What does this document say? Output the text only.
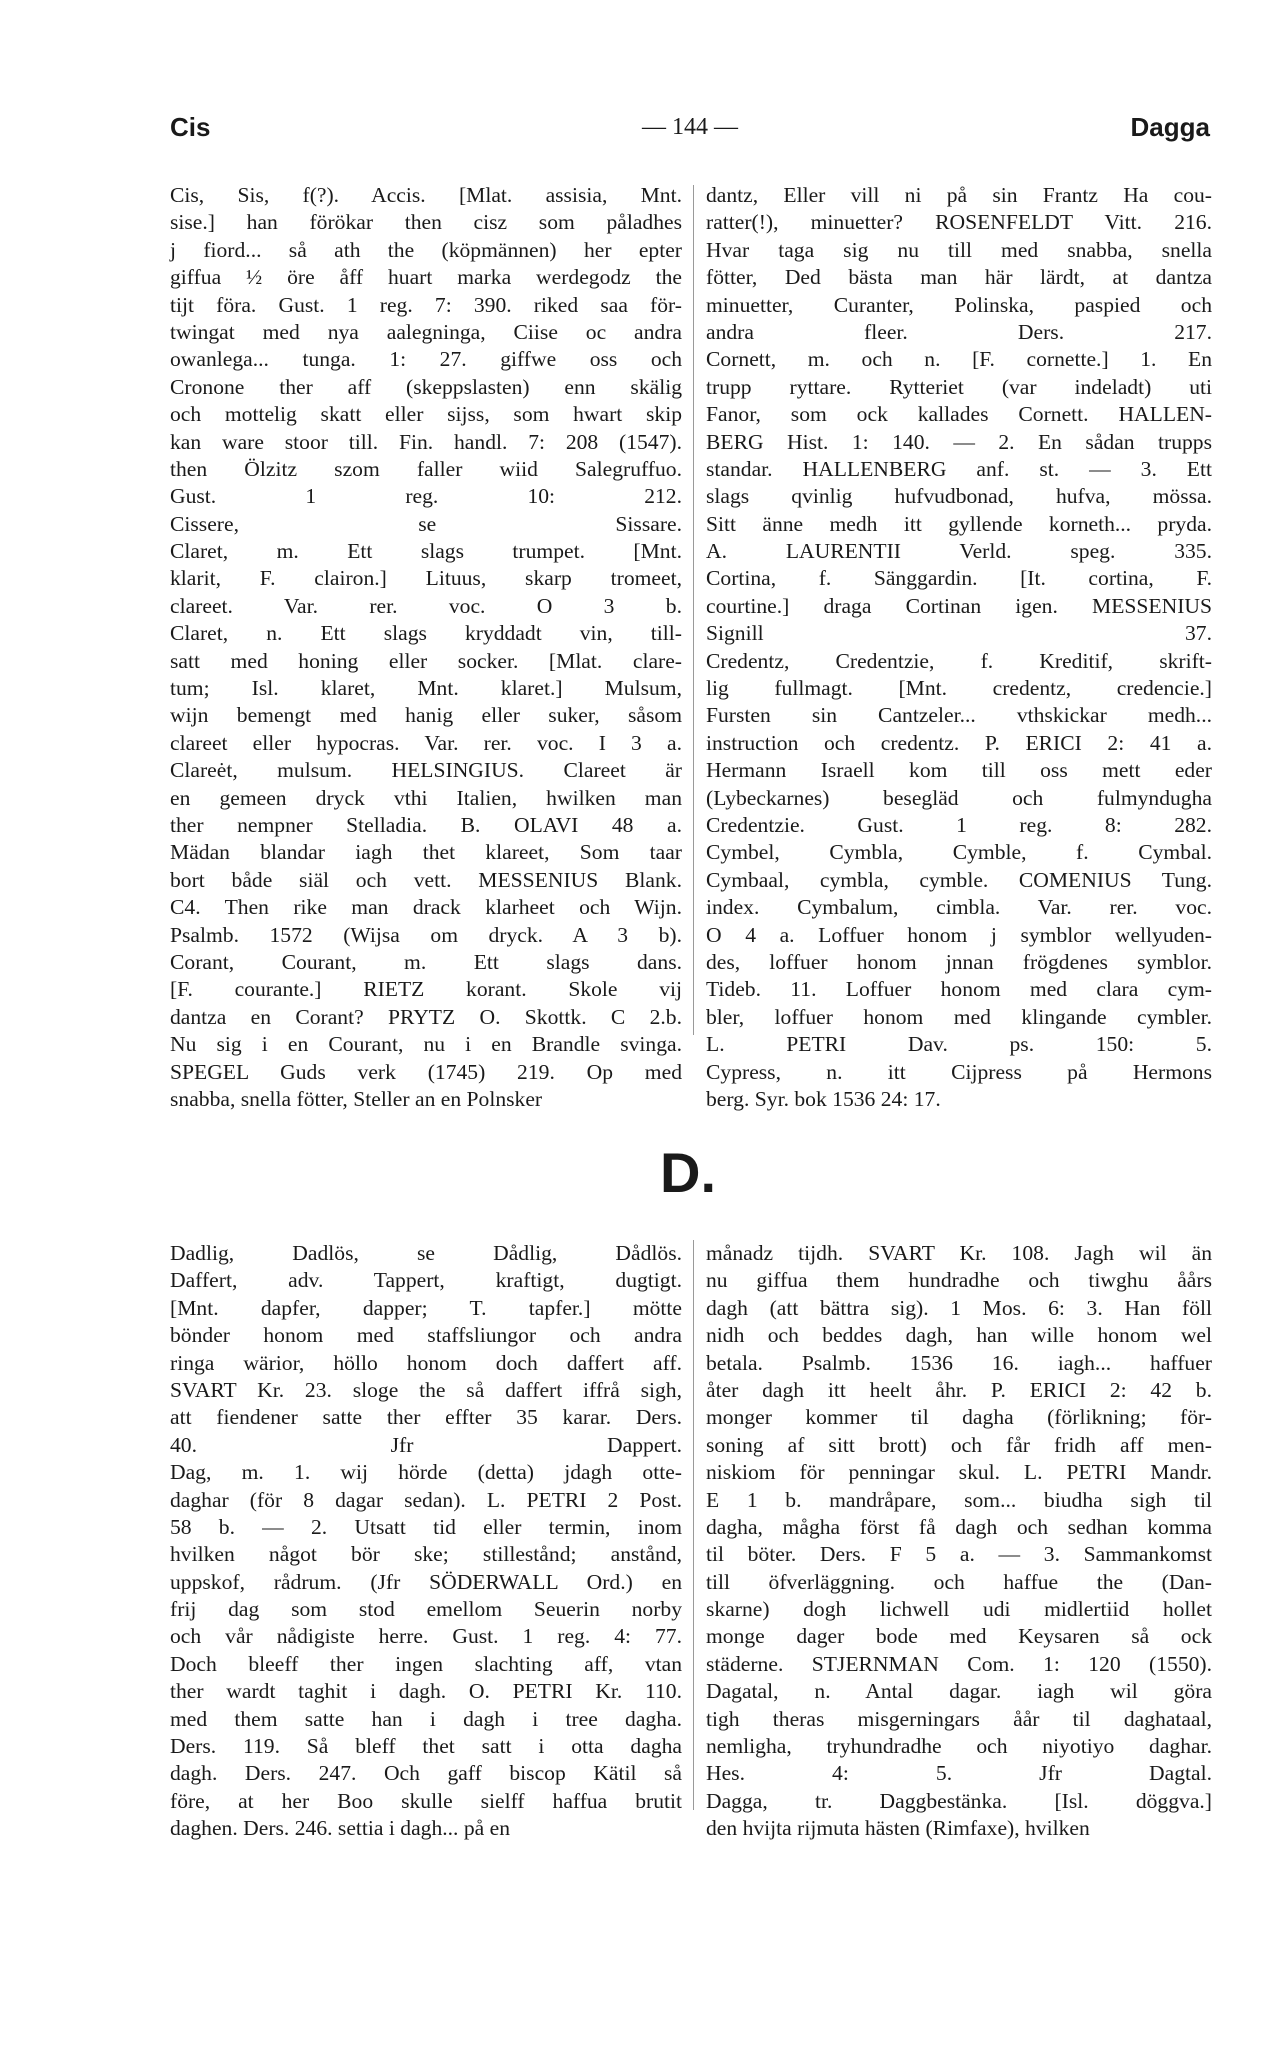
Cis	— 144 —	Dagga
Cis, Sis, f(?). Accis. [Mlat. assisia, Mnt.
sise.] han förökar then cisz som påladhes
j fiord... så ath the (köpmännen) her epter
giffua ½ öre åff huart marka werdegodz the
tijt föra. Gust. 1 reg. 7: 390. riked saa för-
twingat med nya aalegninga, Ciise oc andra
owanlega... tunga. 1: 27. giffwe oss och
Cronone ther aff (skeppslasten) enn skälig
och mottelig skatt eller sijss, som hwart skip
kan ware stoor till. Fin. handl. 7: 208 (1547).
then Ölzitz szom faller wiid Salegruffuo.
Gust. 1 reg. 10: 212.
Cissere, se Sissare.
Claret, m. Ett slags trumpet. [Mnt.
klarit, F. clairon.] Lituus, skarp tromeet,
clareet. Var. rer. voc. O 3 b.
Claret, n. Ett slags kryddadt vin, till-
satt med honing eller socker. [Mlat. clare-
tum; Isl. klaret, Mnt. klaret.] Mulsum,
wijn bemengt med hanig eller suker, såsom
clareet eller hypocras. Var. rer. voc. I 3 a.
Clareėt, mulsum. HELSINGIUS. Clareet är
en gemeen dryck vthi Italien, hwilken man
ther nempner Stelladia. B. OLAVI 48 a.
Mädan blandar iagh thet klareet, Som taar
bort både siäl och vett. MESSENIUS Blank.
C4. Then rike man drack klarheet och Wijn.
Psalmb. 1572 (Wijsa om dryck. A 3 b).
Corant, Courant, m. Ett slags dans.
[F. courante.] RIETZ korant. Skole vij
dantza en Corant? PRYTZ O. Skottk. C 2.b.
Nu sig i en Courant, nu i en Brandle svinga.
SPEGEL Guds verk (1745) 219. Op med
snabba, snella fötter, Steller an en Polnsker
dantz, Eller vill ni på sin Frantz Ha cou-
ratter(!), minuetter? ROSENFELDT Vitt. 216.
Hvar taga sig nu till med snabba, snella
fötter, Ded bästa man här lärdt, at dantza
minuetter, Curanter, Polinska, paspied och
andra fleer. Ders. 217.
Cornett, m. och n. [F. cornette.] 1. En
trupp ryttare. Rytteriet (var indeladt) uti
Fanor, som ock kallades Cornett. HALLEN-
BERG Hist. 1: 140. — 2. En sådan trupps
standar. HALLENBERG anf. st. — 3. Ett
slags qvinlig hufvudbonad, hufva, mössa.
Sitt änne medh itt gyllende korneth... pryda.
A. LAURENTII Verld. speg. 335.
Cortina, f. Sänggardin. [It. cortina, F.
courtine.] draga Cortinan igen. MESSENIUS
Signill 37.
Credentz, Credentzie, f. Kreditif, skrift-
lig fullmagt. [Mnt. credentz, credencie.]
Fursten sin Cantzeler... vthskickar medh...
instruction och credentz. P. ERICI 2: 41 a.
Hermann Israell kom till oss mett eder
(Lybeckarnes) besegläd och fulmyndugha
Credentzie. Gust. 1 reg. 8: 282.
Cymbel, Cymbla, Cymble, f. Cymbal.
Cymbaal, cymbla, cymble. COMENIUS Tung.
index. Cymbalum, cimbla. Var. rer. voc.
O 4 a. Loffuer honom j symblor wellyuden-
des, loffuer honom jnnan frögdenes symblor.
Tideb. 11. Loffuer honom med clara cym-
bler, loffuer honom med klingande cymbler.
L. PETRI Dav. ps. 150: 5.
Cypress, n. itt Cijpress på Hermons
berg. Syr. bok 1536 24: 17.
D.
Dadlig, Dadlös, se Dådlig, Dådlös.
Daffert, adv. Tappert, kraftigt, dugtigt.
[Mnt. dapfer, dapper; T. tapfer.] mötte
bönder honom med staffsliungor och andra
ringa wärior, höllo honom doch daffert aff.
SVART Kr. 23. sloge the så daffert iffrå sigh,
att fiendener satte ther effter 35 karar. Ders.
40. Jfr Dappert.
Dag, m. 1. wij hörde (detta) jdagh otte-
daghar (för 8 dagar sedan). L. PETRI 2 Post.
58 b. — 2. Utsatt tid eller termin, inom
hvilken något bör ske; stillestånd; anstånd,
uppskof, rådrum. (Jfr SÖDERWALL Ord.) en
frij dag som stod emellom Seuerin norby
och vår nådigiste herre. Gust. 1 reg. 4: 77.
Doch bleeff ther ingen slachting aff, vtan
ther wardt taghit i dagh. O. PETRI Kr. 110.
med them satte han i dagh i tree dagha.
Ders. 119. Så bleff thet satt i otta dagha
dagh. Ders. 247. Och gaff biscop Kätil så
före, at her Boo skulle sielff haffua brutit
daghen. Ders. 246. settia i dagh... på en
månadz tijdh. SVART Kr. 108. Jagh wil än
nu giffua them hundradhe och tiwghu åårs
dagh (att bättra sig). 1 Mos. 6: 3. Han föll
nidh och beddes dagh, han wille honom wel
betala. Psalmb. 1536 16. iagh... haffuer
åter dagh itt heelt åhr. P. ERICI 2: 42 b.
monger kommer til dagha (förlikning; för-
soning af sitt brott) och får fridh aff men-
niskiom för penningar skul. L. PETRI Mandr.
E 1 b. mandråpare, som... biudha sigh til
dagha, mågha först få dagh och sedhan komma
til böter. Ders. F 5 a. — 3. Sammankomst
till öfverläggning. och haffue the (Dan-
skarne) dogh lichwell udi midlertiid hollet
monge dager bode med Keysaren så ock
städerne. STJERNMAN Com. 1: 120 (1550).
Dagatal, n. Antal dagar. iagh wil göra
tigh theras misgerningars åår til daghataal,
nemligha, tryhundradhe och niyotiyo daghar.
Hes. 4: 5. Jfr Dagtal.
Dagga, tr. Daggbestänka. [Isl. döggva.]
den hvijta rijmuta hästen (Rimfaxe), hvilken
